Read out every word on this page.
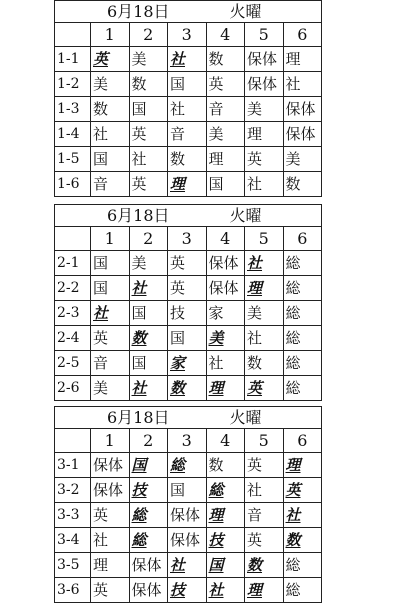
6月18日 火曜						
	1	2	3	4	5	6
1-1	英	美	社	数	保体	理
1-2	美	数	国	英	保体	社
1-3	数	国	社	音	美	保体
1-4	社	英	音	美	理	保体
1-5	国	社	数	理	英	美
1-6	音	英	理	国	社	数
6月18日 火曜						
	1	2	3	4	5	6
2-1	国	美	英	保体	社	総
2-2	国	社	英	保体	理	総
2-3	社	国	技	家	美	総
2-4	英	数	国	美	社	総
2-5	音	国	家	社	数	総
2-6	美	社	数	理	英	総
6月18日 火曜						
	1	2	3	4	5	6
3-1	保体	国	総	数	英	理
3-2	保体	技	国	総	社	英
3-3	英	総	保体	理	音	社
3-4	社	総	保体	技	英	数
3-5	理	保体	社	国	数	総
3-6	英	保体	技	社	理	総
